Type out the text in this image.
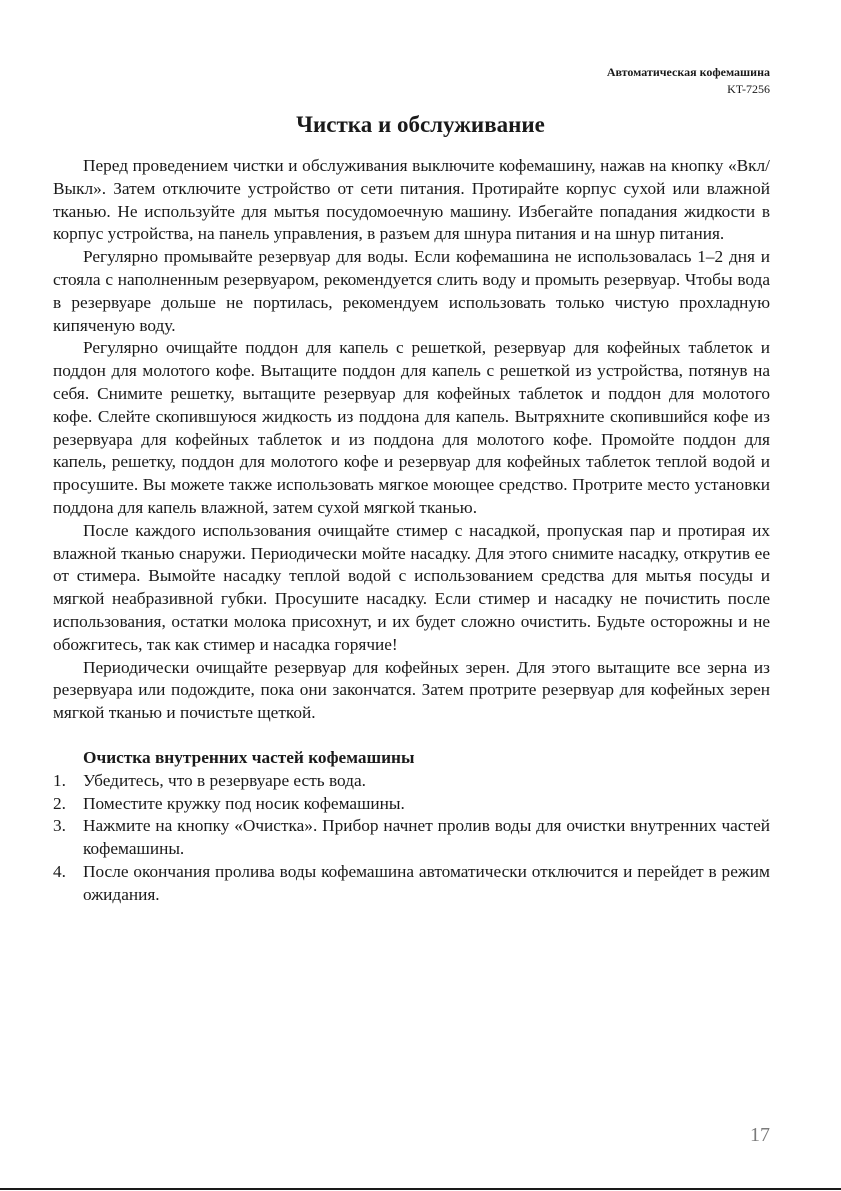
Автоматическая кофемашина
KT-7256
Чистка и обслуживание

Перед проведением чистки и обслуживания выключите кофемашину, нажав на кнопку «Вкл/Выкл». Затем отключите устройство от сети питания. Протирайте корпус сухой или влажной тканью. Не используйте для мытья посудомоечную машину. Избегайте попадания жидкости в корпус устройства, на панель управления, в разъем для шнура питания и на шнур питания.

Регулярно промывайте резервуар для воды. Если кофемашина не использовалась 1–2 дня и стояла с наполненным резервуаром, рекомендуется слить воду и промыть резервуар. Чтобы вода в резервуаре дольше не портилась, рекомендуем использовать только чистую прохладную кипяченую воду.

Регулярно очищайте поддон для капель с решеткой, резервуар для кофейных таблеток и поддон для молотого кофе. Вытащите поддон для капель с решеткой из устройства, потянув на себя. Снимите решетку, вытащите резервуар для кофейных таблеток и поддон для молотого кофе. Слейте скопившуюся жидкость из поддона для капель. Вытряхните скопившийся кофе из резервуара для кофейных таблеток и из поддона для молотого кофе. Промойте поддон для капель, решетку, поддон для молотого кофе и резервуар для кофейных таблеток теплой водой и просушите. Вы можете также использовать мягкое моющее средство. Протрите место установки поддона для капель влажной, затем сухой мягкой тканью.

После каждого использования очищайте стимер с насадкой, пропуская пар и протирая их влажной тканью снаружи. Периодически мойте насадку. Для этого снимите насадку, открутив ее от стимера. Вымойте насадку теплой водой с использованием средства для мытья посуды и мягкой неабразивной губки. Просушите насадку. Если стимер и насадку не почистить после использования, остатки молока присохнут, и их будет сложно очистить. Будьте осторожны и не обожгитесь, так как стимер и насадка горячие!

Периодически очищайте резервуар для кофейных зерен. Для этого вытащите все зерна из резервуара или подождите, пока они закончатся. Затем протрите резервуар для кофейных зерен мягкой тканью и почистьте щеткой.

Очистка внутренних частей кофемашины
1. Убедитесь, что в резервуаре есть вода.
2. Поместите кружку под носик кофемашины.
3. Нажмите на кнопку «Очистка». Прибор начнет пролив воды для очистки внутренних частей кофемашины.
4. После окончания пролива воды кофемашина автоматически отключится и перейдет в режим ожидания.
17
